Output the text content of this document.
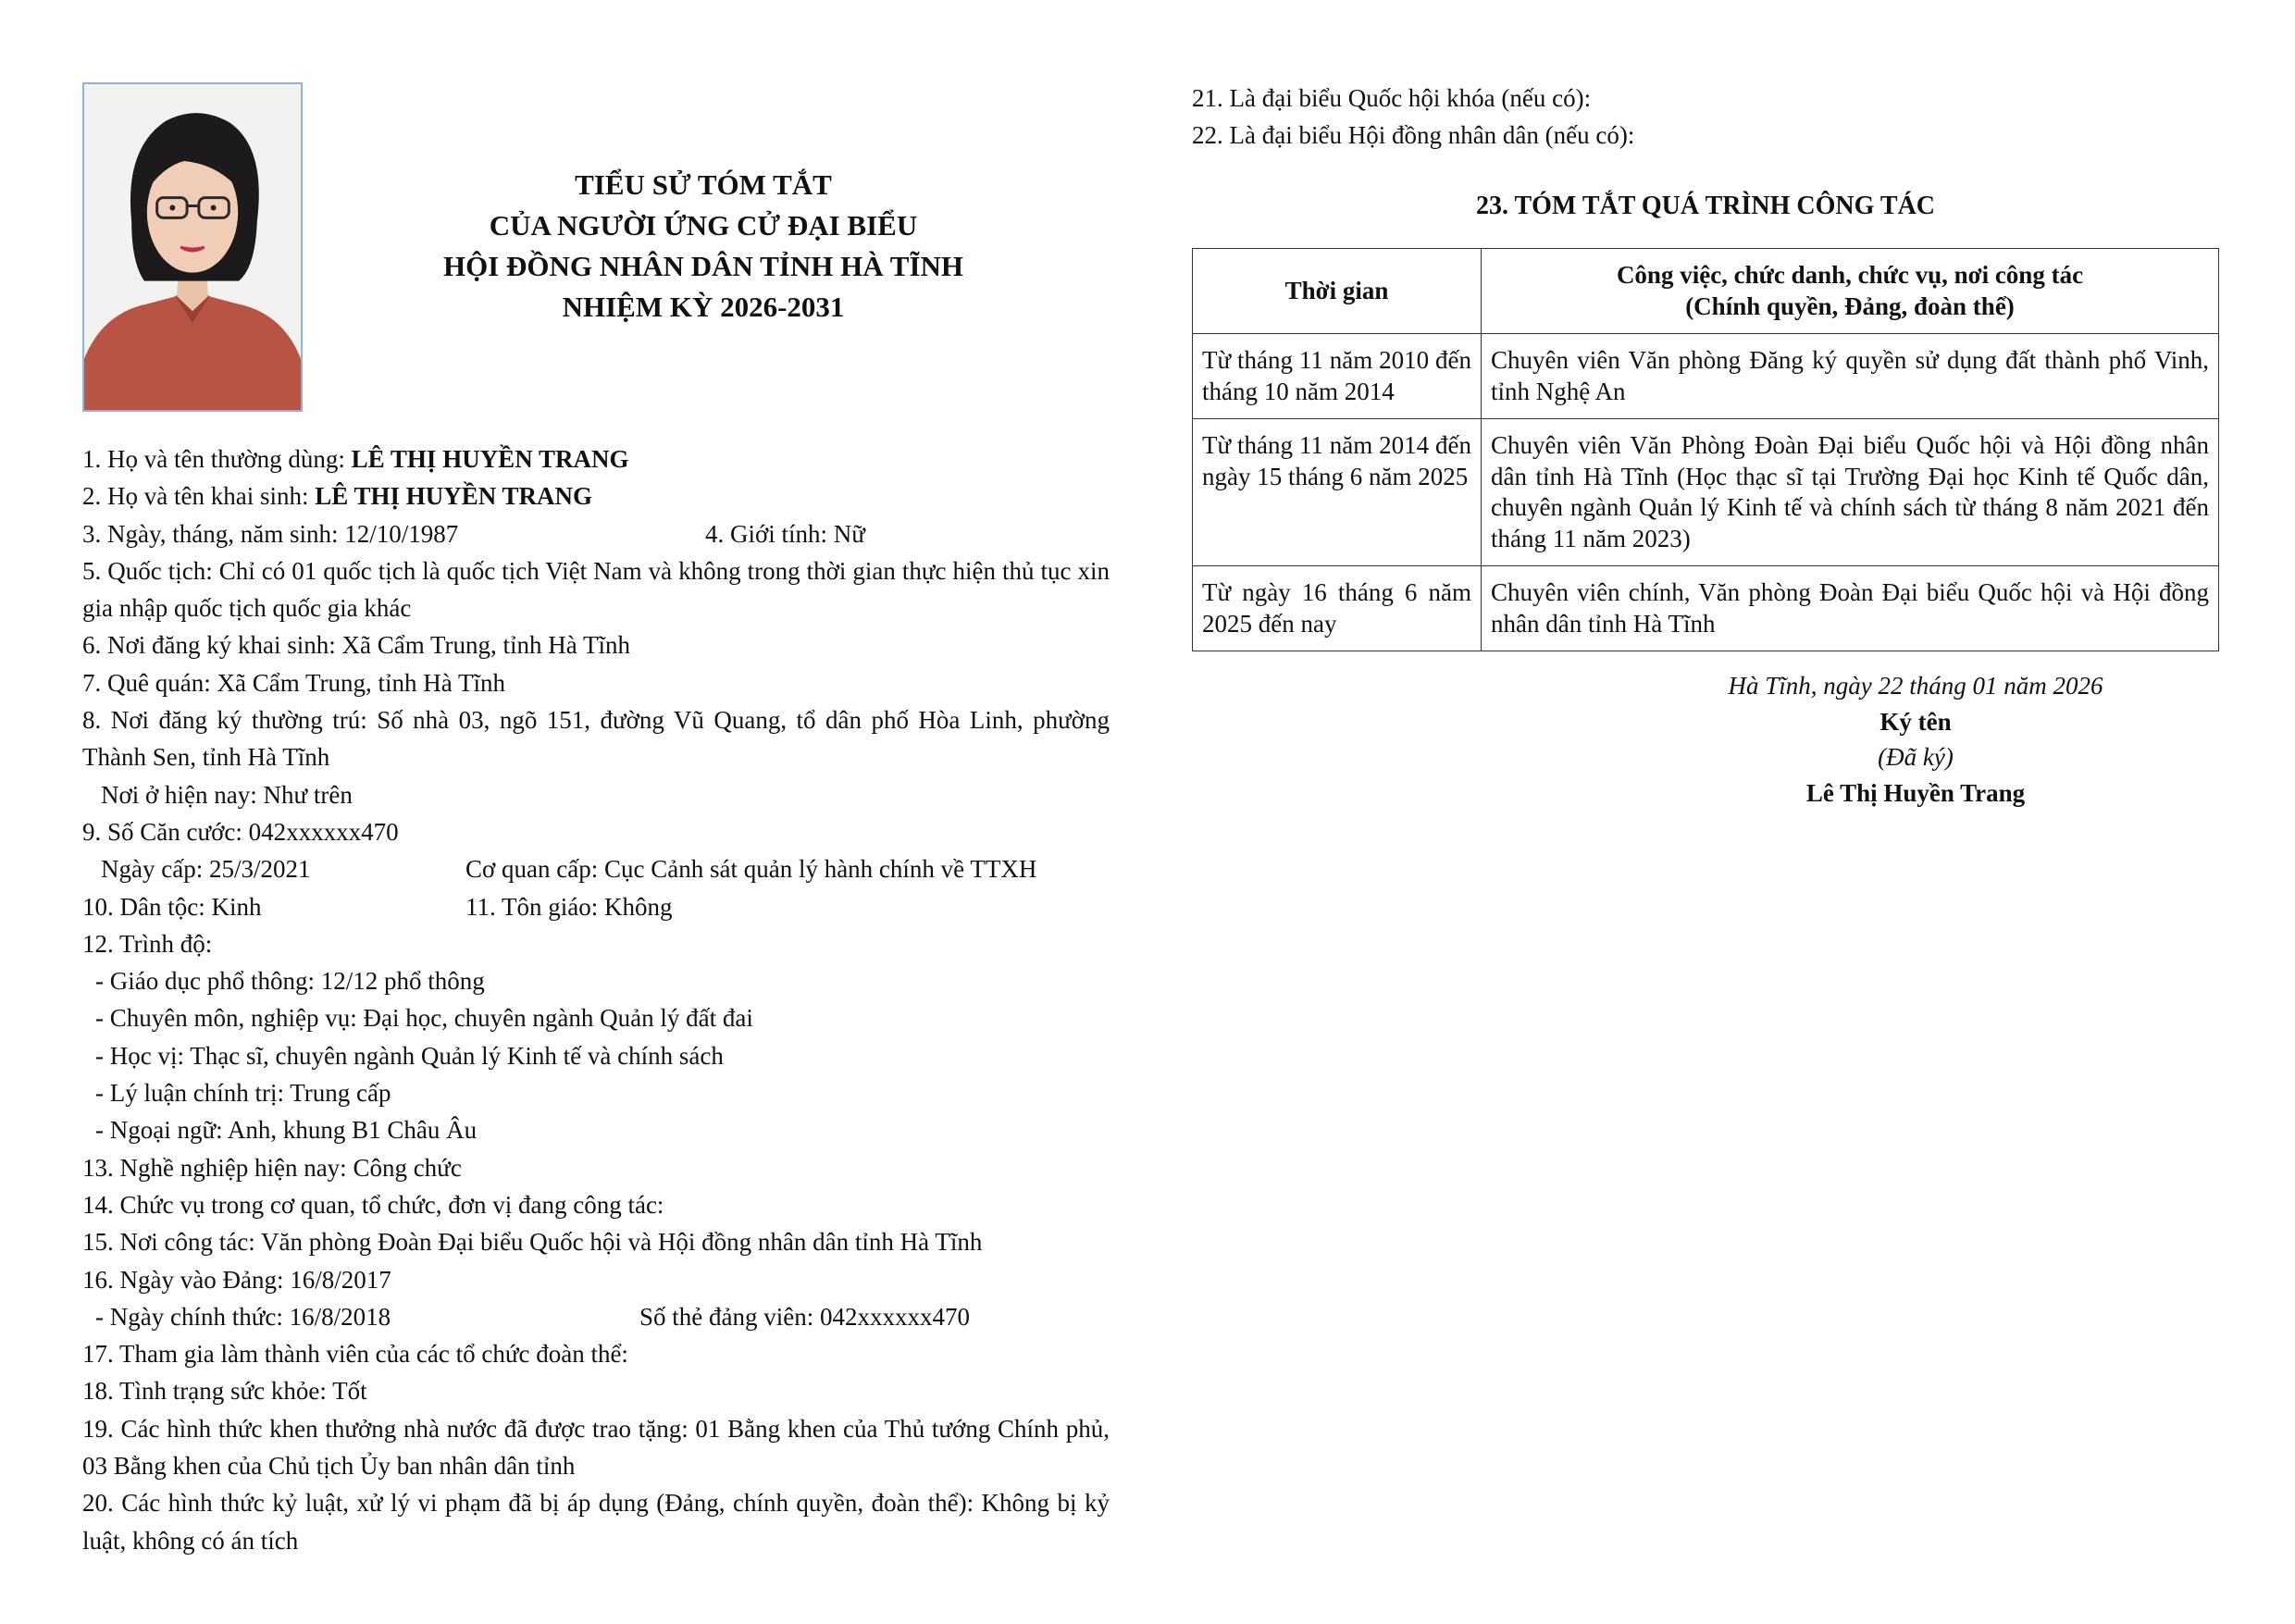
TIỂU SỬ TÓM TẮT
CỦA NGƯỜI ỨNG CỬ ĐẠI BIỂU
HỘI ĐỒNG NHÂN DÂN TỈNH HÀ TĨNH
NHIỆM KỲ 2026-2031
1. Họ và tên thường dùng: LÊ THỊ HUYỀN TRANG
2. Họ và tên khai sinh: LÊ THỊ HUYỀN TRANG
3. Ngày, tháng, năm sinh: 12/10/1987	4. Giới tính: Nữ
5. Quốc tịch: Chỉ có 01 quốc tịch là quốc tịch Việt Nam và không trong thời gian thực hiện thủ tục xin gia nhập quốc tịch quốc gia khác
6. Nơi đăng ký khai sinh: Xã Cẩm Trung, tỉnh Hà Tĩnh
7. Quê quán: Xã Cẩm Trung, tỉnh Hà Tĩnh
8. Nơi đăng ký thường trú: Số nhà 03, ngõ 151, đường Vũ Quang, tổ dân phố Hòa Linh, phường Thành Sen, tỉnh Hà Tĩnh
Nơi ở hiện nay: Như trên
9. Số Căn cước: 042xxxxxx470
Ngày cấp: 25/3/2021	Cơ quan cấp: Cục Cảnh sát quản lý hành chính về TTXH
10. Dân tộc: Kinh	11. Tôn giáo: Không
12. Trình độ:
- Giáo dục phổ thông: 12/12 phổ thông
- Chuyên môn, nghiệp vụ: Đại học, chuyên ngành Quản lý đất đai
- Học vị: Thạc sĩ, chuyên ngành Quản lý Kinh tế và chính sách
- Lý luận chính trị: Trung cấp
- Ngoại ngữ: Anh, khung B1 Châu Âu
13. Nghề nghiệp hiện nay: Công chức
14. Chức vụ trong cơ quan, tổ chức, đơn vị đang công tác:
15. Nơi công tác: Văn phòng Đoàn Đại biểu Quốc hội và Hội đồng nhân dân tỉnh Hà Tĩnh
16. Ngày vào Đảng: 16/8/2017
- Ngày chính thức: 16/8/2018	Số thẻ đảng viên: 042xxxxxx470
17. Tham gia làm thành viên của các tổ chức đoàn thể:
18. Tình trạng sức khỏe: Tốt
19. Các hình thức khen thưởng nhà nước đã được trao tặng: 01 Bằng khen của Thủ tướng Chính phủ, 03 Bằng khen của Chủ tịch Ủy ban nhân dân tỉnh
20. Các hình thức kỷ luật, xử lý vi phạm đã bị áp dụng (Đảng, chính quyền, đoàn thể): Không bị kỷ luật, không có án tích
21. Là đại biểu Quốc hội khóa (nếu có):
22. Là đại biểu Hội đồng nhân dân (nếu có):
23. TÓM TẮT QUÁ TRÌNH CÔNG TÁC
Thời gian	Công việc, chức danh, chức vụ, nơi công tác
(Chính quyền, Đảng, đoàn thể)

Từ tháng 11 năm 2010 đến tháng 10 năm 2014	Chuyên viên Văn phòng Đăng ký quyền sử dụng đất thành phố Vinh, tỉnh Nghệ An
Từ tháng 11 năm 2014 đến ngày 15 tháng 6 năm 2025	Chuyên viên Văn Phòng Đoàn Đại biểu Quốc hội và Hội đồng nhân dân tỉnh Hà Tĩnh (Học thạc sĩ tại Trường Đại học Kinh tế Quốc dân, chuyên ngành Quản lý Kinh tế và chính sách từ tháng 8 năm 2021 đến tháng 11 năm 2023)
Từ ngày 16 tháng 6 năm 2025 đến nay	Chuyên viên chính, Văn phòng Đoàn Đại biểu Quốc hội và Hội đồng nhân dân tỉnh Hà Tĩnh
Hà Tĩnh, ngày 22 tháng 01 năm 2026
Ký tên
(Đã ký)
Lê Thị Huyền Trang
